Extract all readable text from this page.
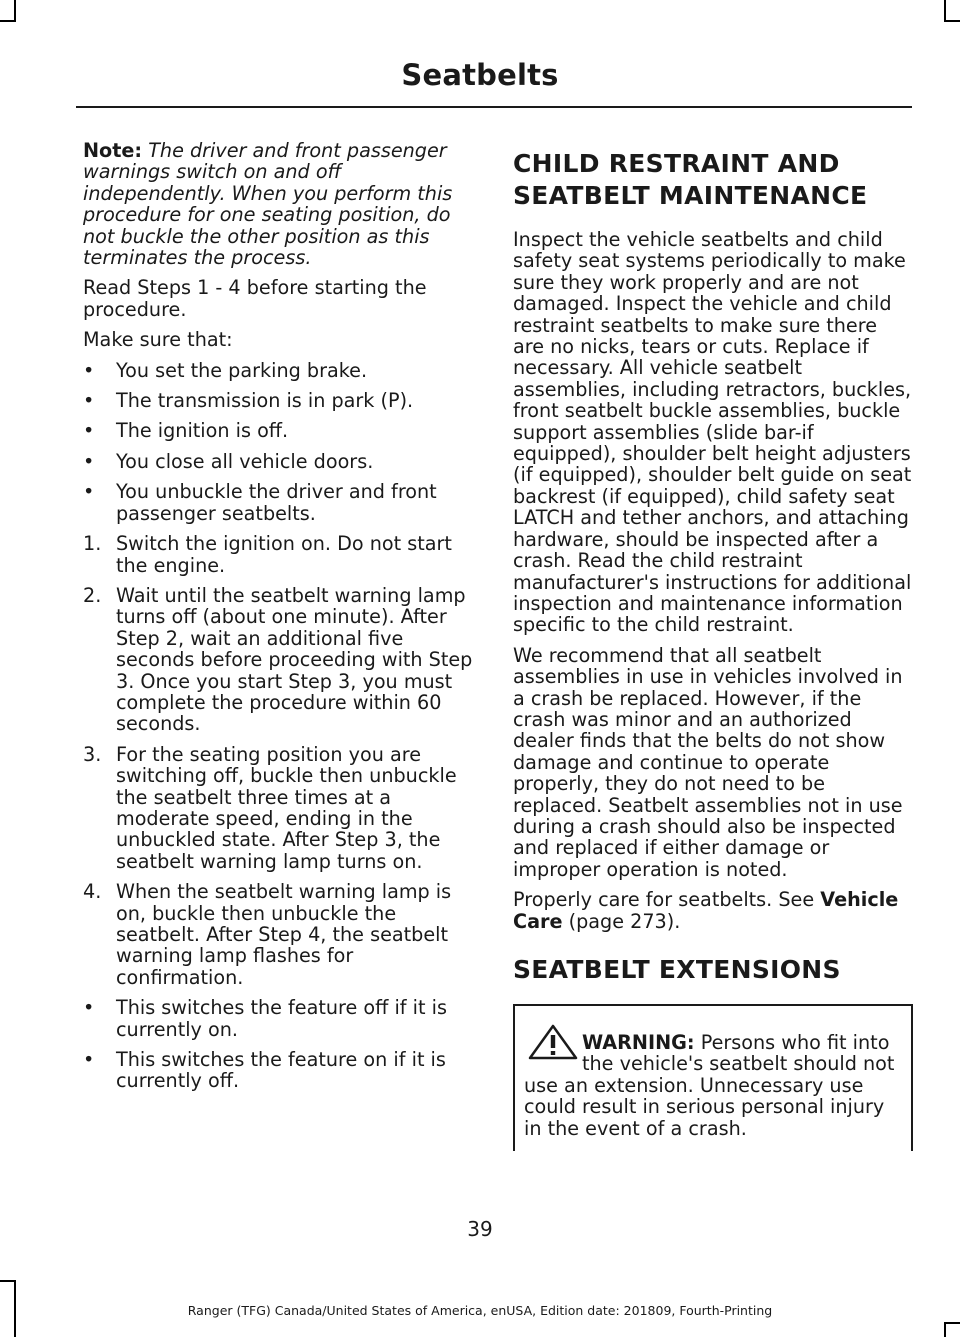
Seatbelts

Note: The driver and front passenger warnings switch on and off independently. When you perform this procedure for one seating position, do not buckle the other position as this terminates the process.

Read Steps 1 - 4 before starting the procedure.

Make sure that:

• You set the parking brake.
• The transmission is in park (P).
• The ignition is off.
• You close all vehicle doors.
• You unbuckle the driver and front passenger seatbelts.
1. Switch the ignition on. Do not start the engine.
2. Wait until the seatbelt warning lamp turns off (about one minute). After Step 2, wait an additional five seconds before proceeding with Step 3. Once you start Step 3, you must complete the procedure within 60 seconds.
3. For the seating position you are switching off, buckle then unbuckle the seatbelt three times at a moderate speed, ending in the unbuckled state. After Step 3, the seatbelt warning lamp turns on.
4. When the seatbelt warning lamp is on, buckle then unbuckle the seatbelt. After Step 4, the seatbelt warning lamp flashes for confirmation.
• This switches the feature off if it is currently on.
• This switches the feature on if it is currently off.
CHILD RESTRAINT AND
SEATBELT MAINTENANCE

Inspect the vehicle seatbelts and child safety seat systems periodically to make sure they work properly and are not damaged. Inspect the vehicle and child restraint seatbelts to make sure there are no nicks, tears or cuts. Replace if necessary. All vehicle seatbelt assemblies, including retractors, buckles, front seatbelt buckle assemblies, buckle support assemblies (slide bar-if equipped), shoulder belt height adjusters (if equipped), shoulder belt guide on seat backrest (if equipped), child safety seat LATCH and tether anchors, and attaching hardware, should be inspected after a crash. Read the child restraint manufacturer's instructions for additional inspection and maintenance information specific to the child restraint.

We recommend that all seatbelt assemblies in use in vehicles involved in a crash be replaced. However, if the crash was minor and an authorized dealer finds that the belts do not show damage and continue to operate properly, they do not need to be replaced. Seatbelt assemblies not in use during a crash should also be inspected and replaced if either damage or improper operation is noted.

Properly care for seatbelts. See Vehicle Care (page 273).

SEATBELT EXTENSIONS
WARNING: Persons who fit into the vehicle's seatbelt should not use an extension. Unnecessary use could result in serious personal injury in the event of a crash.
39
Ranger (TFG) Canada/United States of America, enUSA, Edition date: 201809, Fourth-Printing
